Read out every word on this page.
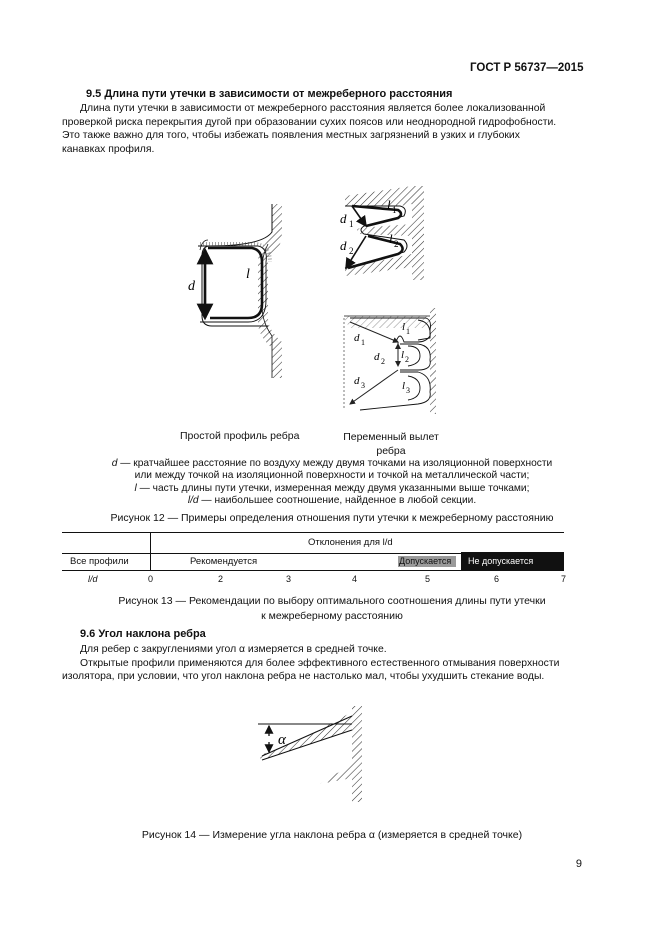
ГОСТ Р 56737—2015
9.5 Длина пути утечки в зависимости от межреберного расстояния
Длина пути утечки в зависимости от межреберного расстояния является более локализованной
проверкой риска перекрытия дугой при образовании сухих поясов или неоднородной гидрофобности.
Это также важно для того, чтобы избежать появления местных загрязнений в узких и глубоких
канавках профиля.
d
l
d 1
l 1
d 2
l 2
d 1
l 1
d 2
l 2
d 3	l 3
α
Простой профиль ребра	Переменный вылет
ребра
d — кратчайшее расстояние по воздуху между двумя точками на изоляционной поверхности
или между точкой на изоляционной поверхности и точкой на металлической части;
l — часть длины пути утечки, измеренная между двумя указанными выше точками;
l/d — наибольшее соотношение, найденное в любой секции.
Рисунок 12 — Примеры определения отношения пути утечки к межреберному расстоянию
Отклонения для l/d
Все профили	Рекомендуется	Допускается Не допускается
l/d	0	2	3	4	5	6	7
Рисунок 13 — Рекомендации по выбору оптимального соотношения длины пути утечки
к межреберному расстоянию
9.6 Угол наклона ребра
Для ребер с закруглениями угол α измеряется в средней точке.
Открытые профили применяются для более эффективного естественного отмывания поверхности
изолятора, при условии, что угол наклона ребра не настолько мал, чтобы ухудшить стекание воды.
Рисунок 14 — Измерение угла наклона ребра α (измеряется в средней точке)
9
